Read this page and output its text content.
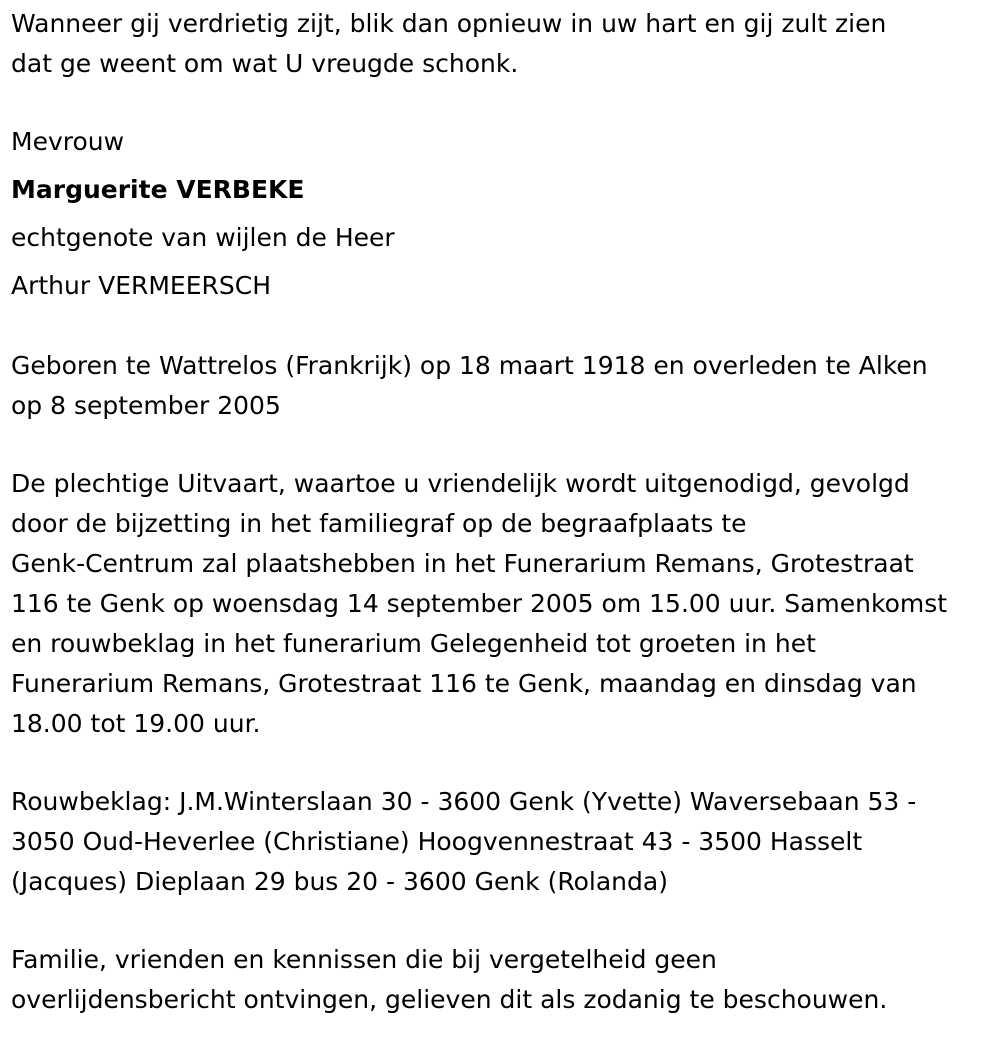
Wanneer gij verdrietig zijt, blik dan opnieuw in uw hart en gij zult zien

dat ge weent om wat U vreugde schonk.

Mevrouw

Marguerite VERBEKE

echtgenote van wijlen de Heer

Arthur VERMEERSCH

Geboren te Wattrelos (Frankrijk) op 18 maart 1918 en overleden te Alken

op 8 september 2005

De plechtige Uitvaart, waartoe u vriendelijk wordt uitgenodigd, gevolgd

door de bijzetting in het familiegraf op de begraafplaats te

Genk-Centrum zal plaatshebben in het Funerarium Remans, Grotestraat

116 te Genk op woensdag 14 september 2005 om 15.00 uur. Samenkomst

en rouwbeklag in het funerarium Gelegenheid tot groeten in het

Funerarium Remans, Grotestraat 116 te Genk, maandag en dinsdag van

18.00 tot 19.00 uur.

Rouwbeklag: J.M.Winterslaan 30 - 3600 Genk (Yvette) Waversebaan 53 -

3050 Oud-Heverlee (Christiane) Hoogvennestraat 43 - 3500 Hasselt

(Jacques) Dieplaan 29 bus 20 - 3600 Genk (Rolanda)

Familie, vrienden en kennissen die bij vergetelheid geen

overlijdensbericht ontvingen, gelieven dit als zodanig te beschouwen.
